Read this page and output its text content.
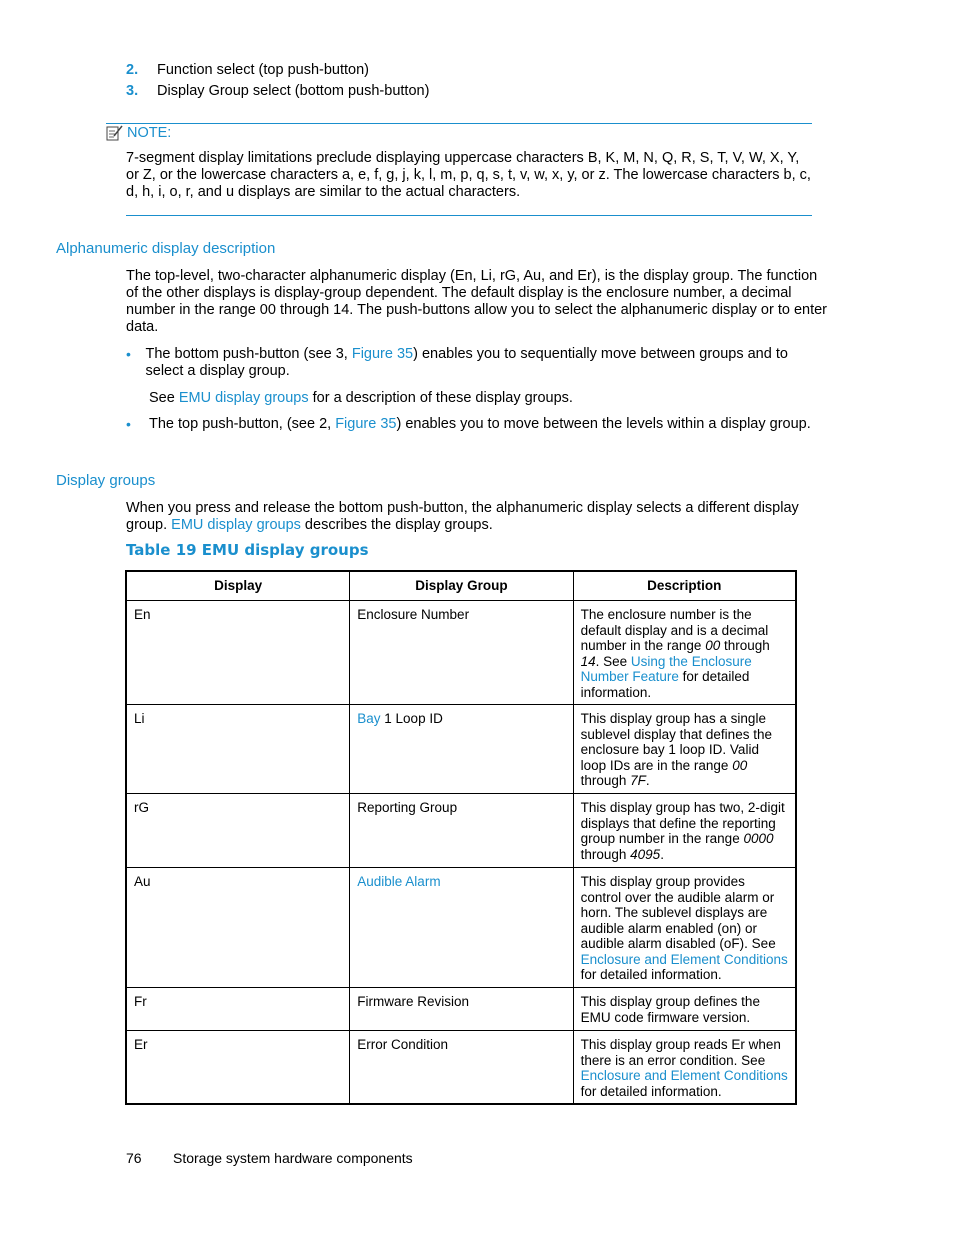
2.	Function select (top push-button)
3.	Display Group select (bottom push-button)
NOTE:
7-segment display limitations preclude displaying uppercase characters B, K, M, N, Q, R, S, T, V, W, X, Y, or Z, or the lowercase characters a, e, f, g, j, k, l, m, p, q, s, t, v, w, x, y, or z. The lowercase characters b, c, d, h, i, o, r, and u displays are similar to the actual characters.
Alphanumeric display description
The top-level, two-character alphanumeric display (En, Li, rG, Au, and Er), is the display group. The function of the other displays is display-group dependent. The default display is the enclosure number, a decimal number in the range 00 through 14. The push-buttons allow you to select the alphanumeric display or to enter data.
•	The bottom push-button (see 3, Figure 35) enables you to sequentially move between groups and to select a display group.
See EMU display groups for a description of these display groups.
•	The top push-button, (see 2, Figure 35) enables you to move between the levels within a display group.
Display groups
When you press and release the bottom push-button, the alphanumeric display selects a different display group. EMU display groups describes the display groups.
Table 19 EMU display groups
Display	Display Group	Description
En	Enclosure Number	The enclosure number is the default display and is a decimal number in the range 00 through 14. See Using the Enclosure Number Feature for detailed information.
Li	Bay 1 Loop ID	This display group has a single sublevel display that defines the enclosure bay 1 loop ID. Valid loop IDs are in the range 00 through 7F.
rG	Reporting Group	This display group has two, 2-digit displays that define the reporting group number in the range 0000 through 4095.
Au	Audible Alarm	This display group provides control over the audible alarm or horn. The sublevel displays are audible alarm enabled (on) or audible alarm disabled (oF). See Enclosure and Element Conditions for detailed information.
Fr	Firmware Revision	This display group defines the EMU code firmware version.
Er	Error Condition	This display group reads Er when there is an error condition. See Enclosure and Element Conditions for detailed information.
76	Storage system hardware components
